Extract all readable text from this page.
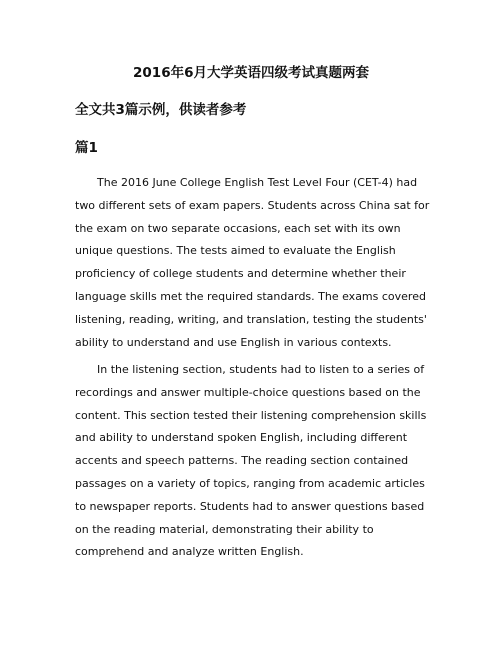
2016年6月大学英语四级考试真题两套
全文共3篇示例，供读者参考
篇1

The 2016 June College English Test Level Four (CET-4) had two different sets of exam papers. Students across China sat for the exam on two separate occasions, each set with its own unique questions. The tests aimed to evaluate the English proficiency of college students and determine whether their language skills met the required standards. The exams covered listening, reading, writing, and translation, testing the students' ability to understand and use English in various contexts.

In the listening section, students had to listen to a series of recordings and answer multiple-choice questions based on the content. This section tested their listening comprehension skills and ability to understand spoken English, including different accents and speech patterns. The reading section contained passages on a variety of topics, ranging from academic articles to newspaper reports. Students had to answer questions based on the reading material, demonstrating their ability to comprehend and analyze written English.
